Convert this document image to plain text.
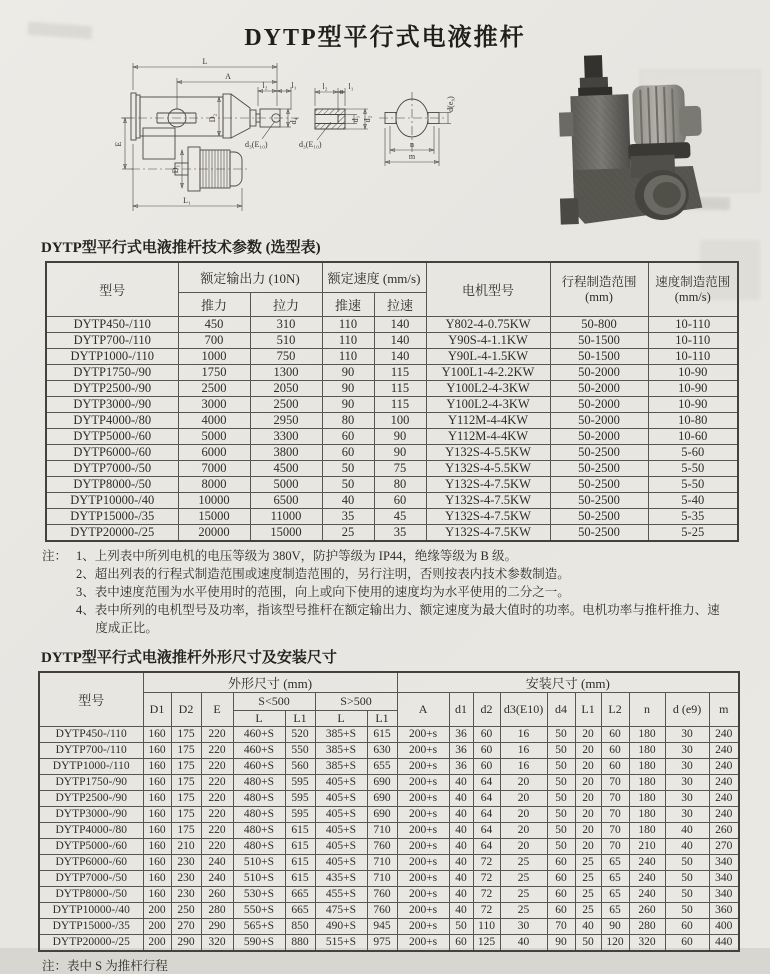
DYTP型平行式电液推杆
L
A
l₂	l₁
d₄
d₃(E₁₀)
E
D₂
D₁
L₁
l₂	l₁
d₃(E₁₀)
d₁ d₂
n
m
d(e₉)
DYTP型平行式电液推杆技术参数 (选型表)
型号	额定输出力 (10N)	额定速度 (mm/s)	电机型号	
行程制造范围
(mm)

速度制造范围
(mm/s)

	推力	拉力	推速	拉速			
DYTP450-/110	450	310	110	140	Y802-4-0.75KW	50-800	10-110
DYTP700-/110	700	510	110	140	Y90S-4-1.1KW	50-1500	10-110
DYTP1000-/110	1000	750	110	140	Y90L-4-1.5KW	50-1500	10-110
DYTP1750-/90	1750	1300	90	115	Y100L1-4-2.2KW	50-2000	10-90
DYTP2500-/90	2500	2050	90	115	Y100L2-4-3KW	50-2000	10-90
DYTP3000-/90	3000	2500	90	115	Y100L2-4-3KW	50-2000	10-90
DYTP4000-/80	4000	2950	80	100	Y112M-4-4KW	50-2000	10-80
DYTP5000-/60	5000	3300	60	90	Y112M-4-4KW	50-2000	10-60
DYTP6000-/60	6000	3800	60	90	Y132S-4-5.5KW	50-2500	5-60
DYTP7000-/50	7000	4500	50	75	Y132S-4-5.5KW	50-2500	5-50
DYTP8000-/50	8000	5000	50	80	Y132S-4-7.5KW	50-2500	5-50
DYTP10000-/40	10000	6500	40	60	Y132S-4-7.5KW	50-2500	5-40
DYTP15000-/35	15000	11000	35	45	Y132S-4-7.5KW	50-2500	5-35
DYTP20000-/25	20000	15000	25	35	Y132S-4-7.5KW	50-2500	5-25
注： 1、上列表中所列电机的电压等级为 380V，防护等级为 IP44，绝缘等级为 B 级。
2、超出列表的行程式制造范围或速度制造范围的，另行注明，否则按表内技术参数制造。
3、表中速度范围为水平使用时的范围，向上或向下使用的速度均为水平使用的二分之一。
4、表中所列的电机型号及功率，指该型号推杆在额定输出力、额定速度为最大值时的功率。电机功率与推杆推力、速度成正比。
DYTP型平行式电液推杆外形尺寸及安装尺寸
型号	外形尺寸 (mm)							安装尺寸 (mm)									
	D1	D2	E	S<500		S>500		A	d1	d2	d3(E10)	d4	L1	L2	n	d (e9)	m
				L	L1	L	L1										
DYTP450-/110	160	175	220	460+S	520	385+S	615	200+s	36	60	16	50	20	60	180	30	240
DYTP700-/110	160	175	220	460+S	550	385+S	630	200+s	36	60	16	50	20	60	180	30	240
DYTP1000-/110	160	175	220	460+S	560	385+S	655	200+s	36	60	16	50	20	60	180	30	240
DYTP1750-/90	160	175	220	480+S	595	405+S	690	200+s	40	64	20	50	20	70	180	30	240
DYTP2500-/90	160	175	220	480+S	595	405+S	690	200+s	40	64	20	50	20	70	180	30	240
DYTP3000-/90	160	175	220	480+S	595	405+S	690	200+s	40	64	20	50	20	70	180	30	240
DYTP4000-/80	160	175	220	480+S	615	405+S	710	200+s	40	64	20	50	20	70	180	40	260
DYTP5000-/60	160	210	220	480+S	615	405+S	760	200+s	40	64	20	50	20	70	210	40	270
DYTP6000-/60	160	230	240	510+S	615	405+S	710	200+s	40	72	25	60	25	65	240	50	340
DYTP7000-/50	160	230	240	510+S	615	435+S	710	200+s	40	72	25	60	25	65	240	50	340
DYTP8000-/50	160	230	260	530+S	665	455+S	760	200+s	40	72	25	60	25	65	240	50	340
DYTP10000-/40	200	250	280	550+S	665	475+S	760	200+s	40	72	25	60	25	65	260	50	360
DYTP15000-/35	200	270	290	565+S	850	490+S	945	200+s	50	110	30	70	40	90	280	60	400
DYTP20000-/25	200	290	320	590+S	880	515+S	975	200+s	60	125	40	90	50	120	320	60	440
注：表中 S 为推杆行程
